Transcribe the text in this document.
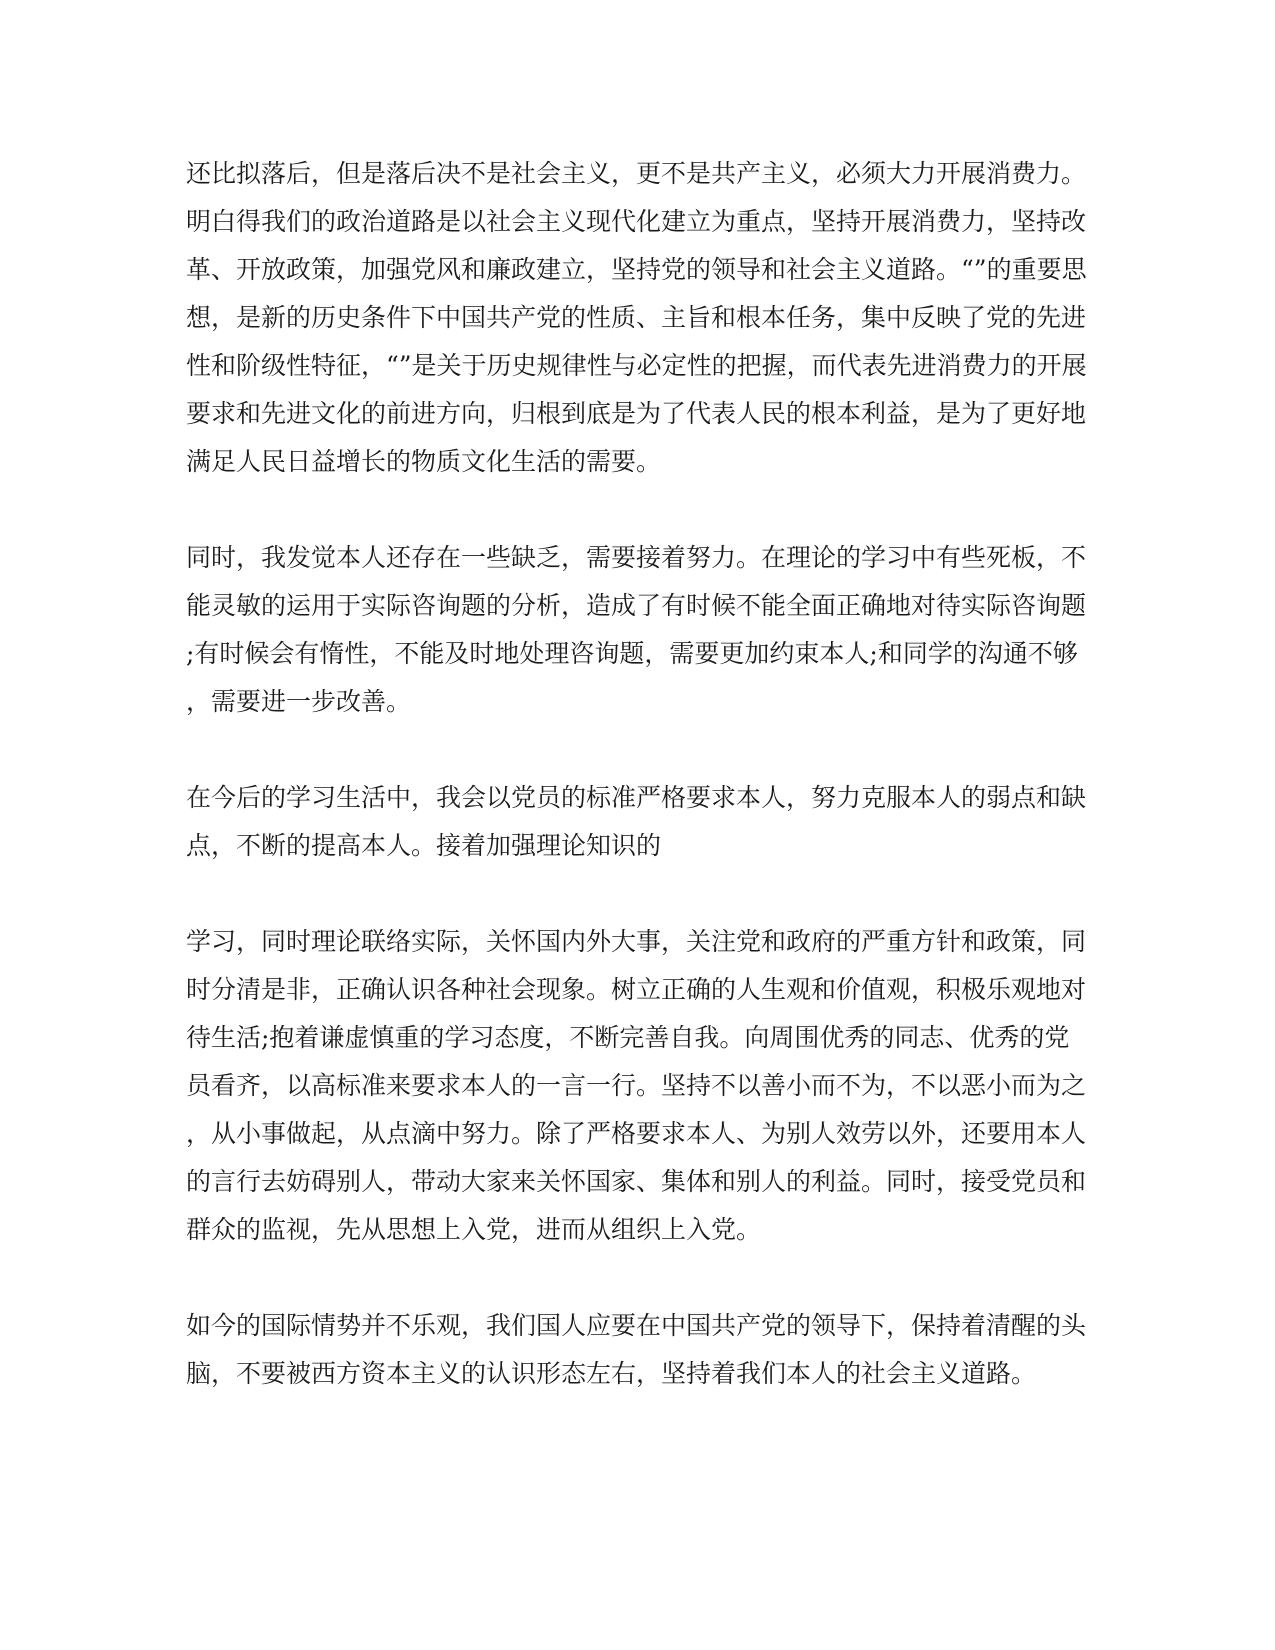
还比拟落后，但是落后决不是社会主义，更不是共产主义，必须大力开展消费力。
明白得我们的政治道路是以社会主义现代化建立为重点，坚持开展消费力，坚持改
革、开放政策，加强党风和廉政建立，坚持党的领导和社会主义道路。“”的重要思
想，是新的历史条件下中国共产党的性质、主旨和根本任务，集中反映了党的先进
性和阶级性特征，“”是关于历史规律性与必定性的把握，而代表先进消费力的开展
要求和先进文化的前进方向，归根到底是为了代表人民的根本利益，是为了更好地
满足人民日益增长的物质文化生活的需要。

同时，我发觉本人还存在一些缺乏，需要接着努力。在理论的学习中有些死板，不
能灵敏的运用于实际咨询题的分析，造成了有时候不能全面正确地对待实际咨询题
;有时候会有惰性，不能及时地处理咨询题，需要更加约束本人;和同学的沟通不够
，需要进一步改善。

在今后的学习生活中，我会以党员的标准严格要求本人，努力克服本人的弱点和缺
点，不断的提高本人。接着加强理论知识的

学习，同时理论联络实际，关怀国内外大事，关注党和政府的严重方针和政策，同
时分清是非，正确认识各种社会现象。树立正确的人生观和价值观，积极乐观地对
待生活;抱着谦虚慎重的学习态度，不断完善自我。向周围优秀的同志、优秀的党
员看齐，以高标准来要求本人的一言一行。坚持不以善小而不为，不以恶小而为之
，从小事做起，从点滴中努力。除了严格要求本人、为别人效劳以外，还要用本人
的言行去妨碍别人，带动大家来关怀国家、集体和别人的利益。同时，接受党员和
群众的监视，先从思想上入党，进而从组织上入党。

如今的国际情势并不乐观，我们国人应要在中国共产党的领导下，保持着清醒的头
脑，不要被西方资本主义的认识形态左右，坚持着我们本人的社会主义道路。
